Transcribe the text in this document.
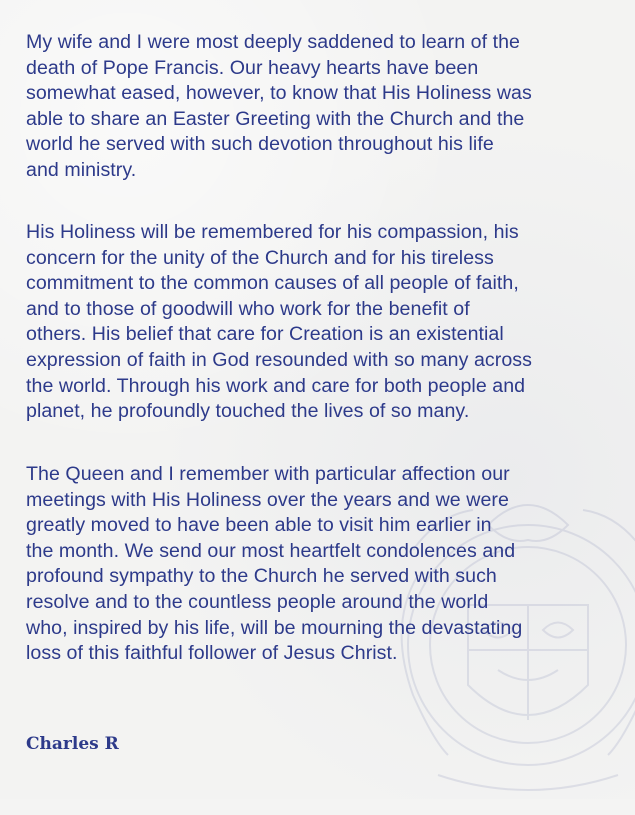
My wife and I were most deeply saddened to learn of the
death of Pope Francis. Our heavy hearts have been
somewhat eased, however, to know that His Holiness was
able to share an Easter Greeting with the Church and the
world he served with such devotion throughout his life
and ministry.

His Holiness will be remembered for his compassion, his
concern for the unity of the Church and for his tireless
commitment to the common causes of all people of faith,
and to those of goodwill who work for the benefit of
others. His belief that care for Creation is an existential
expression of faith in God resounded with so many across
the world. Through his work and care for both people and
planet, he profoundly touched the lives of so many.

The Queen and I remember with particular affection our
meetings with His Holiness over the years and we were
greatly moved to have been able to visit him earlier in
the month. We send our most heartfelt condolences and
profound sympathy to the Church he served with such
resolve and to the countless people around the world
who, inspired by his life, will be mourning the devastating
loss of this faithful follower of Jesus Christ.

Charles R
